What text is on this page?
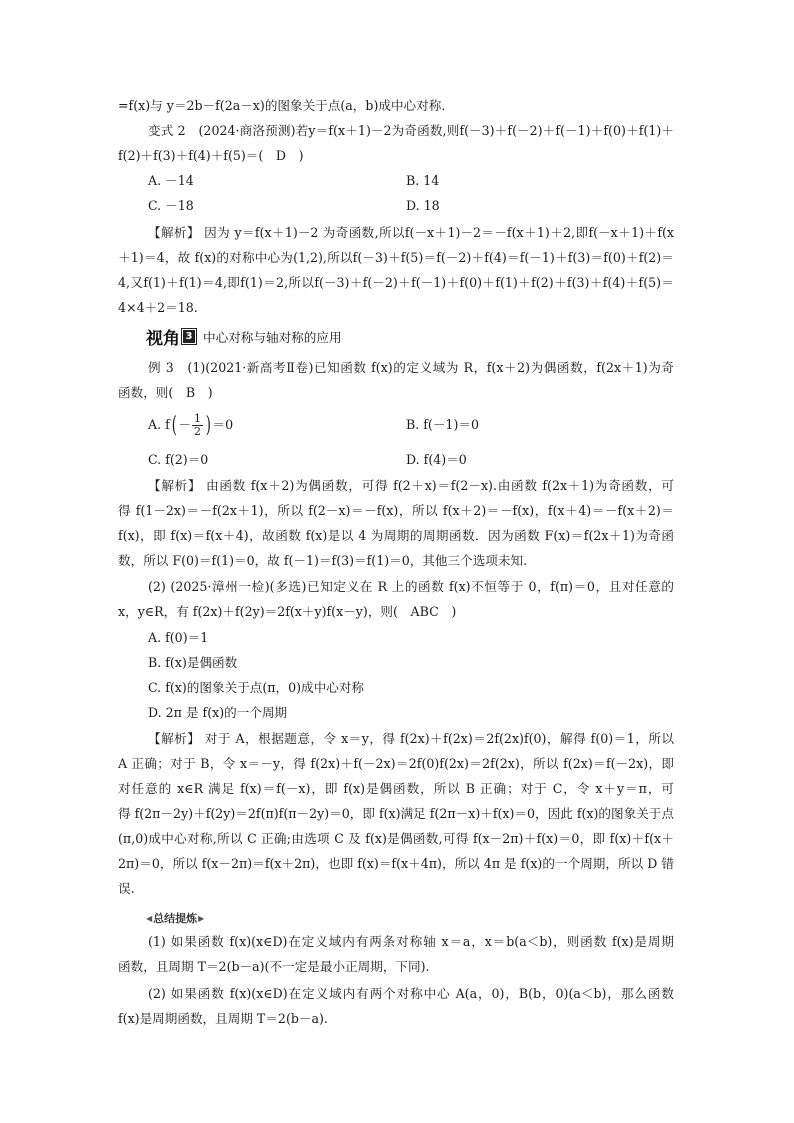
=f(x)与 y＝2b－f(2a－x)的图象关于点(a，b)成中心对称．
变式 2　(2024·商洛预测)若y＝f(x＋1)－2为奇函数,则f(－3)＋f(－2)＋f(－1)＋f(0)＋f(1)＋
f(2)＋f(3)＋f(4)＋f(5)＝(　D　)
A. －14	B. 14
C. －18	D. 18
【解析】 因为 y＝f(x＋1)－2 为奇函数,所以f(－x＋1)－2＝－f(x＋1)＋2,即f(－x＋1)＋f(x
＋1)＝4，故 f(x)的对称中心为(1,2),所以f(－3)＋f(5)＝f(－2)＋f(4)＝f(－1)＋f(3)＝f(0)＋f(2)＝
4,又f(1)＋f(1)＝4,即f(1)＝2,所以f(－3)＋f(－2)＋f(－1)＋f(0)＋f(1)＋f(2)＋f(3)＋f(4)＋f(5)＝
4×4＋2＝18.
视角 3 中心对称与轴对称的应用
例 3　(1)(2021·新高考Ⅱ卷)已知函数 f(x)的定义域为 R，f(x＋2)为偶函数，f(2x＋1)为奇
函数，则(　B　)
A. $f( - \frac{1}{2}$ ) ＝0	B. f(－1)＝0
C. f(2)＝0	D. f(4)＝0
【解析】 由函数 f(x＋2)为偶函数，可得 f(2＋x)＝f(2－x).由函数 f(2x＋1)为奇函数，可
得 f(1－2x)＝－f(2x＋1)，所以 f(2－x)＝－f(x)，所以 f(x＋2)＝－f(x)，f(x＋4)＝－f(x＋2)＝
f(x)，即 f(x)＝f(x＋4)，故函数 f(x)是以 4 为周期的周期函数．因为函数 F(x)＝f(2x＋1)为奇函
数，所以 F(0)＝f(1)＝0，故 f(－1)＝f(3)＝f(1)＝0，其他三个选项未知.
(2) (2025·漳州一检)(多选)已知定义在 R 上的函数 f(x)不恒等于 0，f(π)＝0，且对任意的
x，y∈R，有 f(2x)＋f(2y)＝2f(x＋y)f(x－y)，则(　ABC　)
A. f(0)＝1
B. f(x)是偶函数
C. f(x)的图象关于点(π，0)成中心对称
D. 2π 是 f(x)的一个周期
【解析】 对于 A，根据题意，令 x＝y，得 f(2x)＋f(2x)＝2f(2x)f(0)，解得 f(0)＝1，所以
A 正确；对于 B，令 x＝－y，得 f(2x)＋f(－2x)＝2f(0)f(2x)＝2f(2x)，所以 f(2x)＝f(－2x)，即
对任意的 x∈R 满足 f(x)＝f(－x)，即 f(x)是偶函数，所以 B 正确；对于 C，令 x＋y＝π，可
得 f(2π－2y)＋f(2y)＝2f(π)f(π－2y)＝0，即 f(x)满足 f(2π－x)＋f(x)＝0，因此 f(x)的图象关于点
(π,0)成中心对称,所以 C 正确;由选项 C 及 f(x)是偶函数,可得 f(x－2π)＋f(x)＝0，即 f(x)＋f(x＋
2π)＝0，所以 f(x－2π)＝f(x＋2π)，也即 f(x)＝f(x＋4π)，所以 4π 是 f(x)的一个周期，所以 D 错
误.
◀ 总结提炼 ▶
(1) 如果函数 f(x)(x∈D)在定义域内有两条对称轴 x＝a，x＝b(a＜b)，则函数 f(x)是周期
函数，且周期 T＝2(b－a)(不一定是最小正周期，下同).
(2) 如果函数 f(x)(x∈D)在定义域内有两个对称中心 A(a，0)，B(b，0)(a＜b)，那么函数
f(x)是周期函数，且周期 T＝2(b－a).
